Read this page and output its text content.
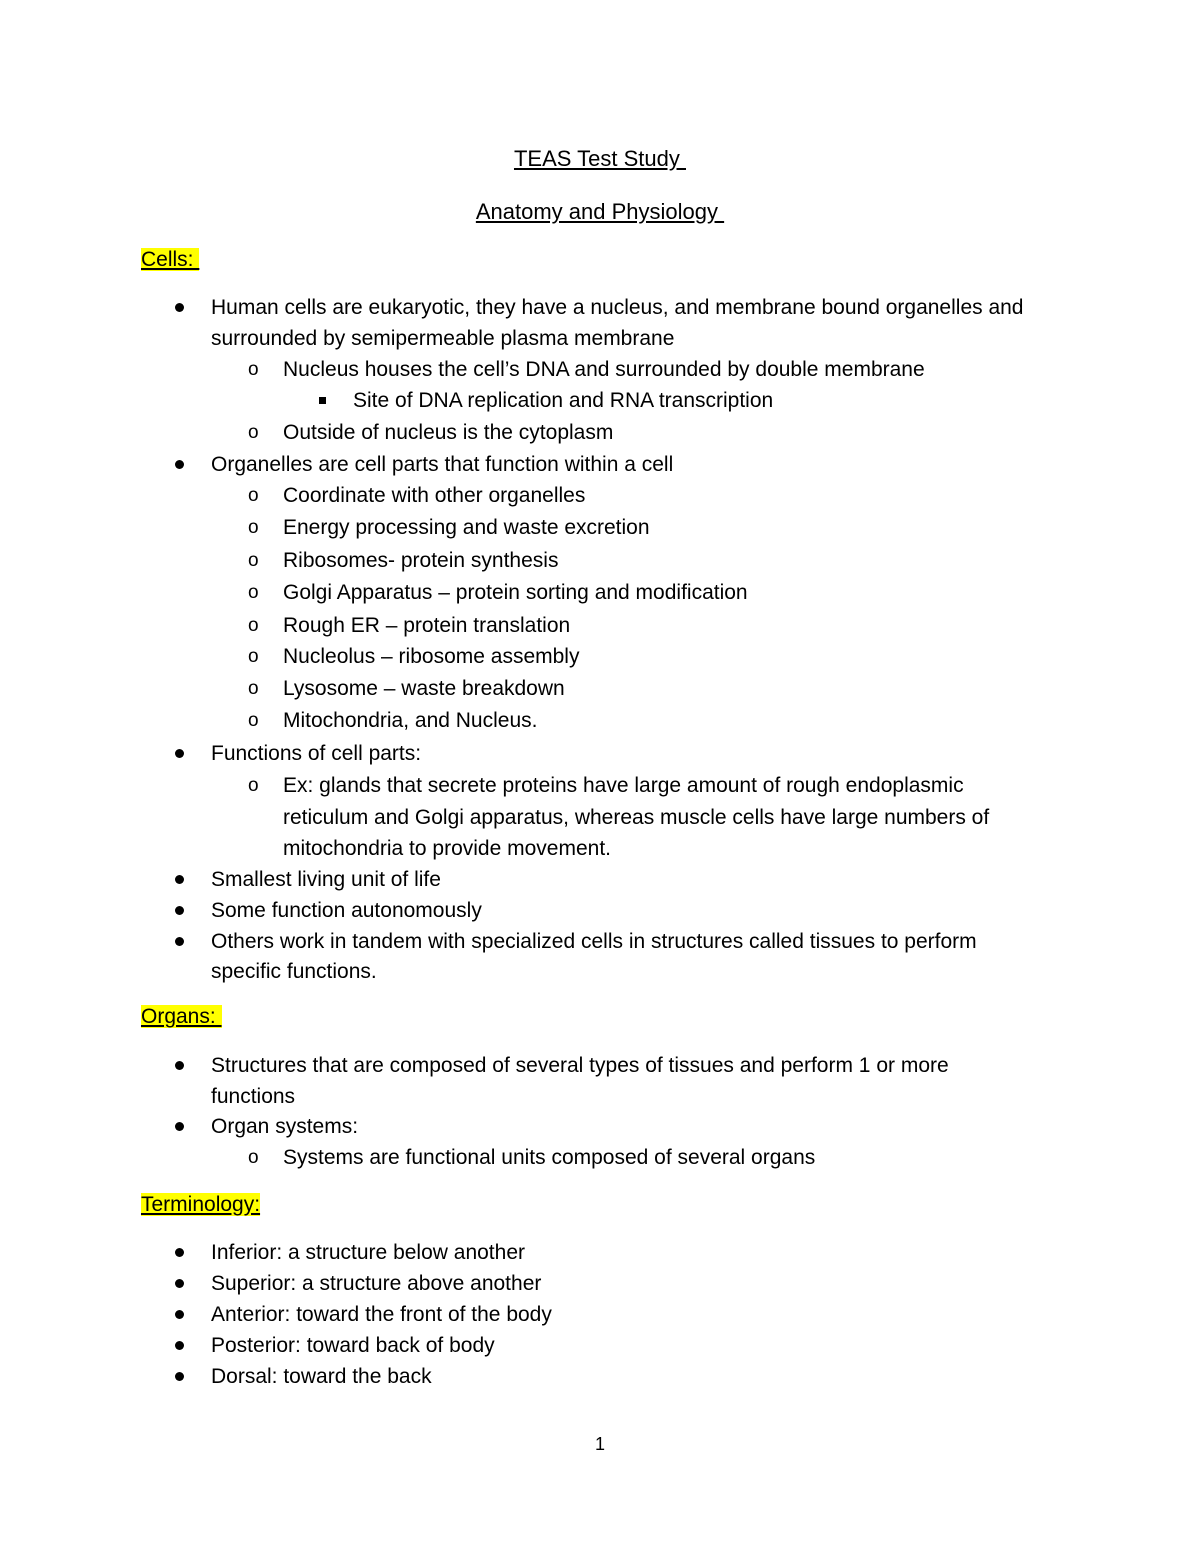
TEAS Test Study
Anatomy and Physiology
Cells:
Human cells are eukaryotic, they have a nucleus, and membrane bound organelles and
surrounded by semipermeable plasma membrane
o Nucleus houses the cell’s DNA and surrounded by double membrane
Site of DNA replication and RNA transcription
o Outside of nucleus is the cytoplasm
Organelles are cell parts that function within a cell
o Coordinate with other organelles
o Energy processing and waste excretion
o Ribosomes- protein synthesis
o Golgi Apparatus – protein sorting and modification
o Rough ER – protein translation
o Nucleolus – ribosome assembly
o Lysosome – waste breakdown
o Mitochondria, and Nucleus.
Functions of cell parts:
o Ex: glands that secrete proteins have large amount of rough endoplasmic
reticulum and Golgi apparatus, whereas muscle cells have large numbers of
mitochondria to provide movement.
Smallest living unit of life
Some function autonomously
Others work in tandem with specialized cells in structures called tissues to perform
specific functions.
Organs:
Structures that are composed of several types of tissues and perform 1 or more
functions
Organ systems:
o Systems are functional units composed of several organs
Terminology:
Inferior: a structure below another
Superior: a structure above another
Anterior: toward the front of the body
Posterior: toward back of body
Dorsal: toward the back
1
